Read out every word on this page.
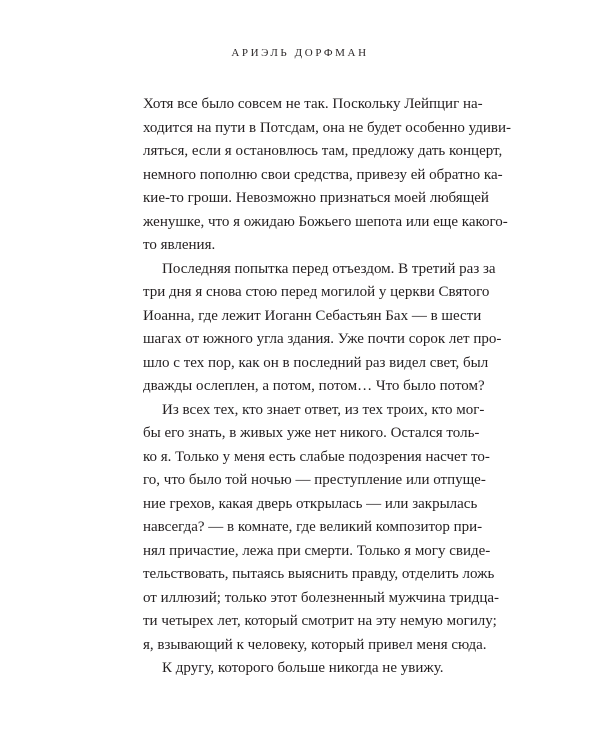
АРИЭЛЬ ДОРФМАН
Хотя все было совсем не так. Поскольку Лейпциг на-
ходится на пути в Потсдам, она не будет особенно удиви-
ляться, если я остановлюсь там, предложу дать концерт,
немного пополню свои средства, привезу ей обратно ка-
кие-то гроши. Невозможно признаться моей любящей
женушке, что я ожидаю Божьего шепота или еще какого-
то явления.
Последняя попытка перед отъездом. В третий раз за
три дня я снова стою перед могилой у церкви Святого
Иоанна, где лежит Иоганн Себастьян Бах — в шести
шагах от южного угла здания. Уже почти сорок лет про-
шло с тех пор, как он в последний раз видел свет, был
дважды ослеплен, а потом, потом… Что было потом?
Из всех тех, кто знает ответ, из тех троих, кто мог-
бы его знать, в живых уже нет никого. Остался толь-
ко я. Только у меня есть слабые подозрения насчет то-
го, что было той ночью — преступление или отпуще-
ние грехов, какая дверь открылась — или закрылась
навсегда? — в комнате, где великий композитор при-
нял причастие, лежа при смерти. Только я могу свиде-
тельствовать, пытаясь выяснить правду, отделить ложь
от иллюзий; только этот болезненный мужчина тридца-
ти четырех лет, который смотрит на эту немую могилу;
я, взывающий к человеку, который привел меня сюда.
К другу, которого больше никогда не увижу.
